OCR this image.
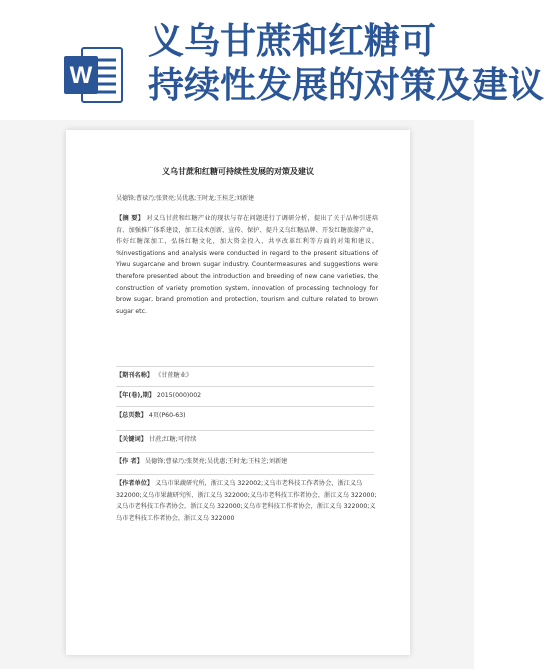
W
义乌甘蔗和红糖可
持续性发展的对策及建议
义乌甘蔗和红糖可持续性发展的对策及建议
吴德锋;曹禄乃;张贤亮;吴优惠;王时龙;王桂芝;刘新建
【摘 要】 对义乌甘蔗和红糖产业的现状与存在问题进行了调研分析，提出了关于品种引进培育、加强推广体系建设，加工技术创新，宣传、保护、提升义乌红糖品牌、开发红糖旅游产业，作好红糖深加工，弘扬红糖文化，加大资金投入，共享改革红利等方面的对策和建议。 %Investigations and analysis were conducted in regard to the present situations of Yiwu sugarcane and brown sugar industry. Countermeasures and suggestions were therefore presented about the introduction and breeding of new cane varieties, the construction of variety promotion system, innovation of processing technology for brow sugar, brand promotion and protection, tourism and culture related to brown sugar etc.
【期刊名称】 《甘蔗糖业》
【年(卷),期】 2015(000)002
【总页数】 4页(P60-63)
【关键词】 甘蔗;红糖;可持续
【作 者】 吴德锋;曹禄乃;张贤亮;吴优惠;王时龙;王桂芝;刘新建
【作者单位】 义乌市果蔬研究所，浙江义乌 322002;义乌市老科技工作者协会，浙江义乌 322000;义乌市果蔬研究所，浙江义乌 322000;义乌市老科技工作者协会，浙江义乌 322000;义乌市老科技工作者协会，浙江义乌 322000;义乌市老科技工作者协会，浙江义乌 322000;义乌市老科技工作者协会，浙江义乌 322000
